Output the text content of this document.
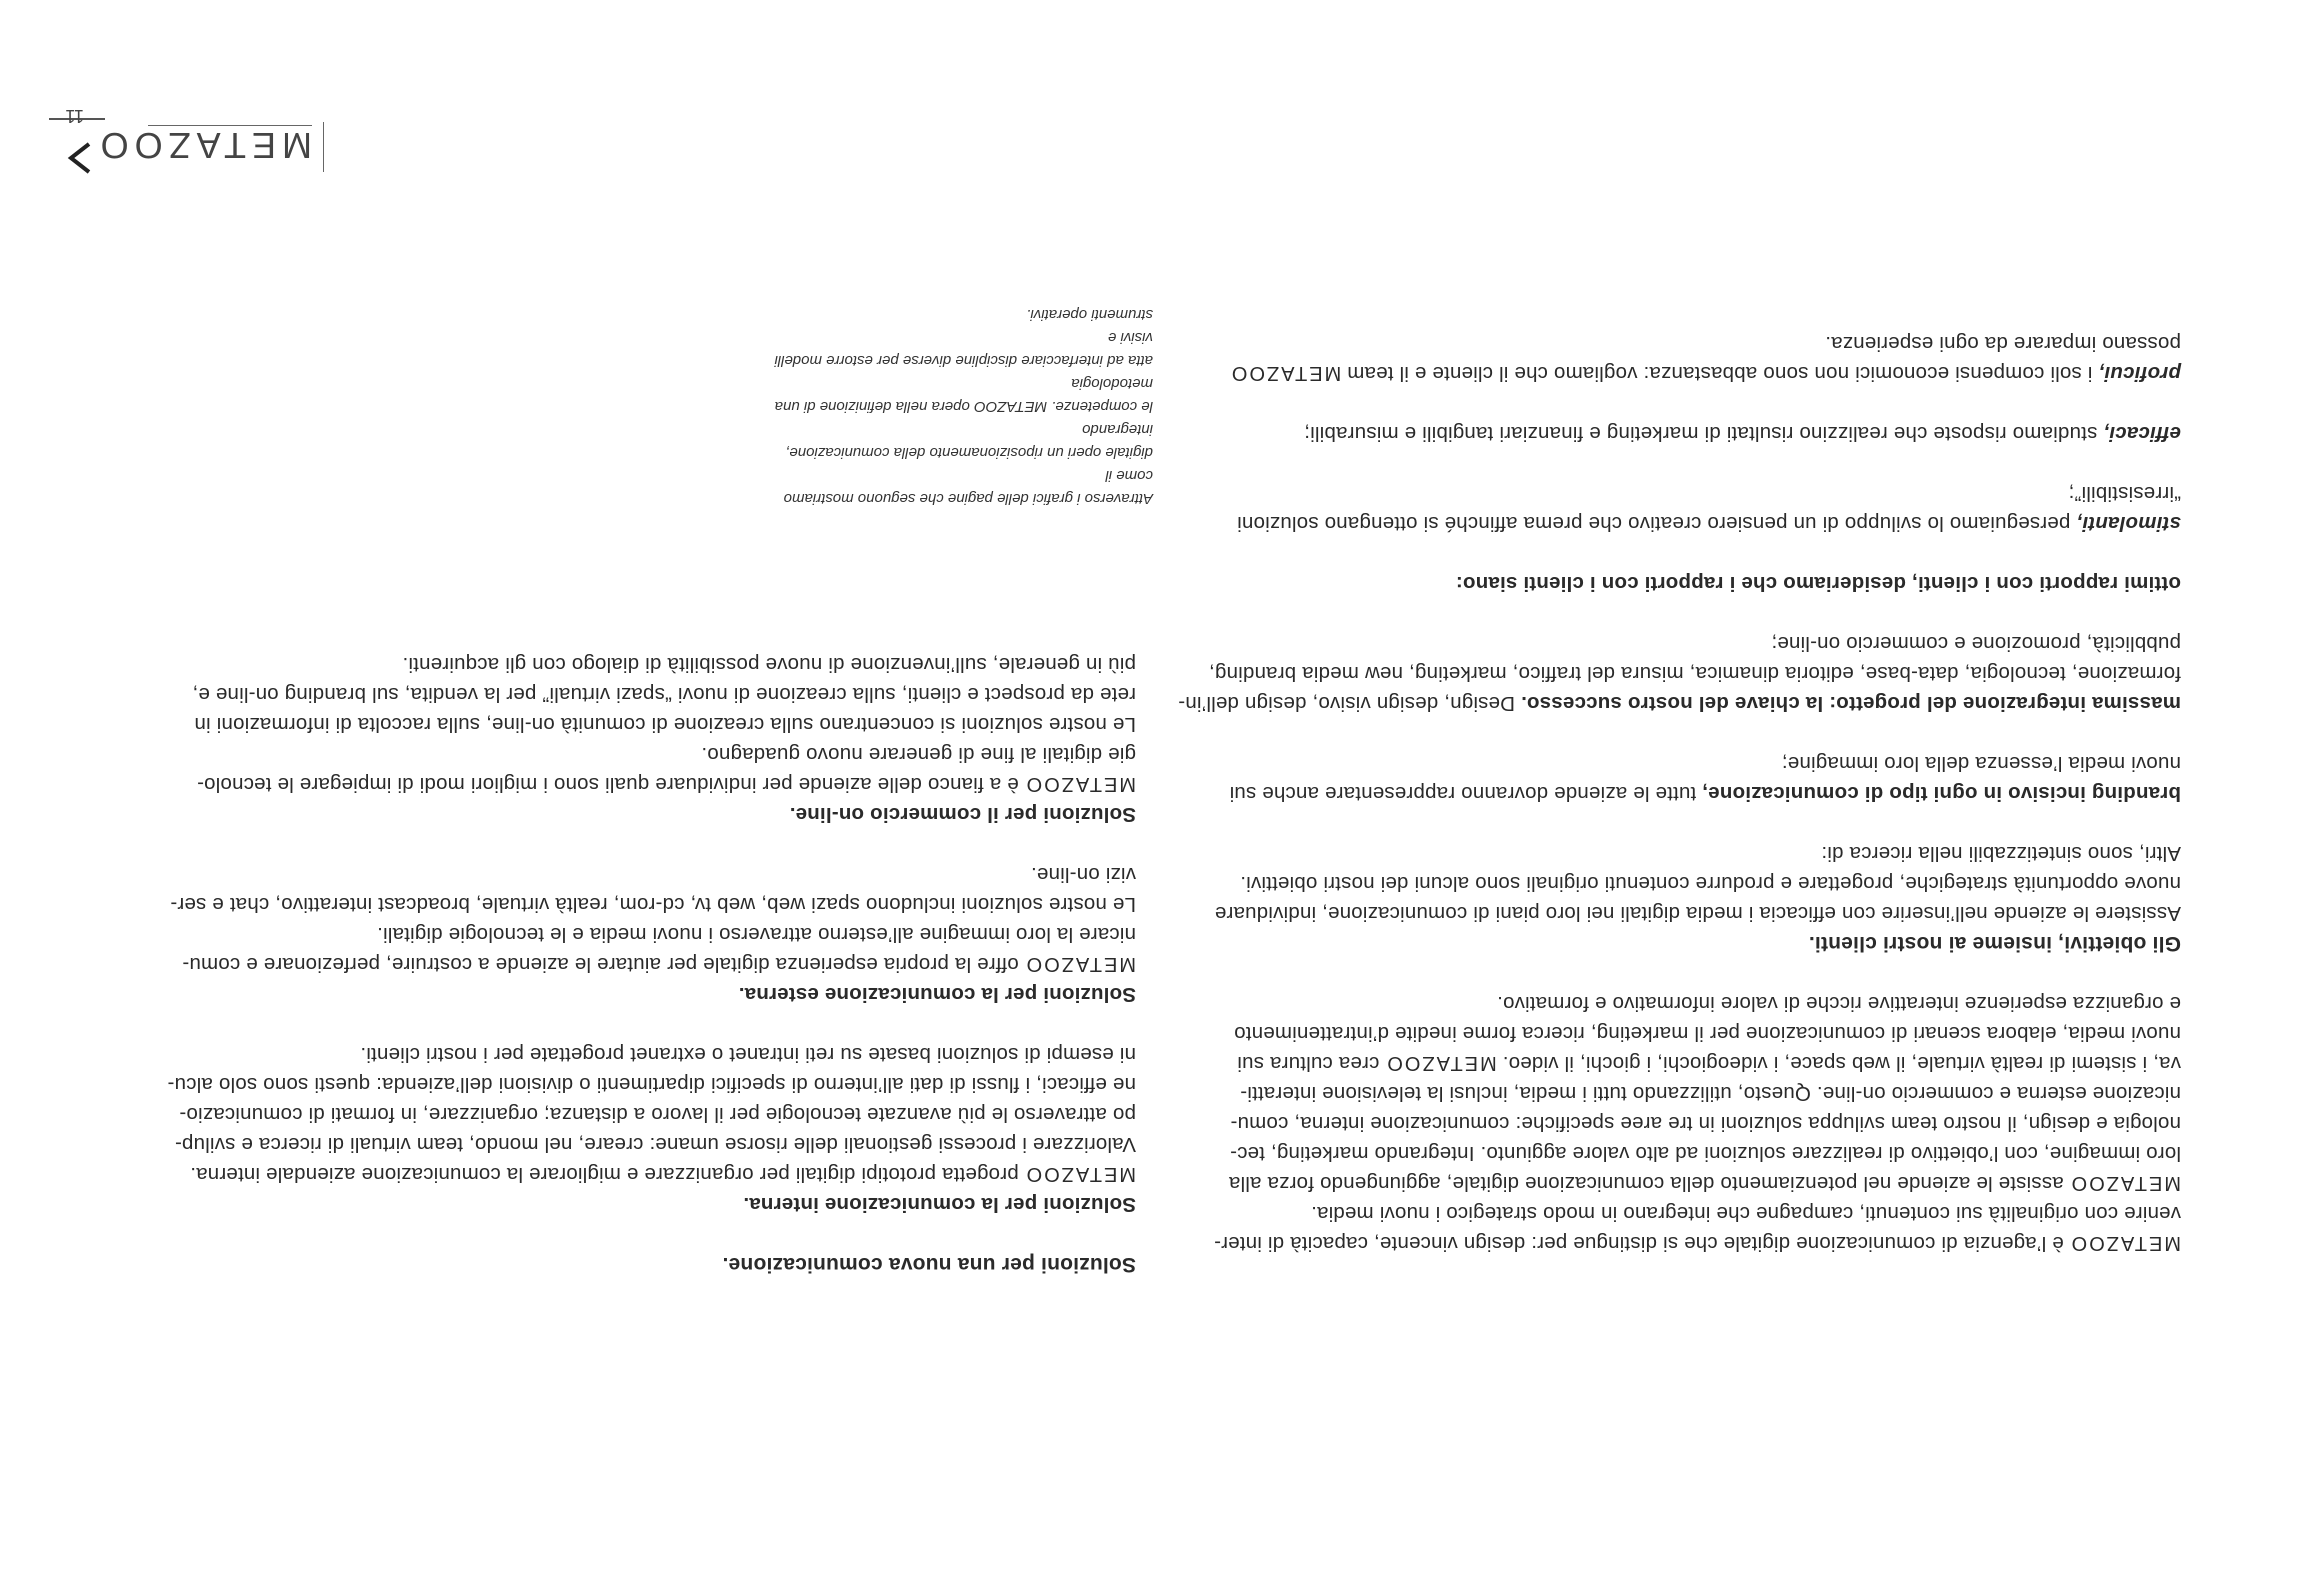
METAZOO è l’agenzia di comunicazione digitale che si distingue per: design vincente, capacità di inter-
venire con originalità sui contenuti, campagne che integrano in modo strategico i nuovi media.
METAZOO assiste le aziende nel potenziamento della comunicazione digitale, aggiungendo forza alla
loro immagine, con l’obiettivo di realizzare soluzioni ad alto valore aggiunto. Integrando marketing, tec-
nologia e design, il nostro team sviluppa soluzioni in tre aree specifiche: comunicazione interna, comu-
nicazione esterna e commercio on-line. Questo, utilizzando tutti i media, inclusi la televisione interatti-
va, i sistemi di realtà virtuale, il web space, i videogiochi, i giochi, il video. METAZOO crea cultura sui
nuovi media, elabora scenari di comunicazione per il marketing, ricerca forme inedite d’intrattenimento
e organizza esperienze interattive ricche di valore informativo e formativo.

Gli obiettivi, insieme ai nostri clienti.

Assistere le aziende nell’inserire con efficacia i media digitali nei loro piani di comunicazione, individuare
nuove opportunità strategiche, progettare e produrre contenuti originali sono alcuni dei nostri obiettivi.
Altri, sono sintetizzabili nella ricerca di:

branding incisivo in ogni tipo di comunicazione, tutte le aziende dovranno rappresentare anche sui
nuovi media l’essenza della loro immagine;

massima integrazione del progetto: la chiave del nostro successo. Design, design visivo, design dell’in-
formazione, tecnologia, data-base, editoria dinamica, misura del traffico, marketing, new media branding,
pubblicità, promozione e commercio on-line;

ottimi rapporti con i clienti, desideriamo che i rapporti con i clienti siano:

stimolanti, perseguiamo lo sviluppo di un pensiero creativo che prema affinché si ottengano soluzioni
“irresistibili”;

efficaci, studiamo risposte che realizzino risultati di marketing e finanziari tangibili e misurabili;

proficui, i soli compensi economici non sono abbastanza: vogliamo che il cliente e il team METAZOO
possano imparare da ogni esperienza.

Soluzioni per una nuova comunicazione.
Soluzioni per la comunicazione interna.

METAZOO progetta prototipi digitali per organizzare e migliorare la comunicazione aziendale interna.
Valorizzare i processi gestionali delle risorse umane: creare, nel mondo, team virtuali di ricerca e svilup-
po attraverso le più avanzate tecnologie per il lavoro a distanza; organizzare, in formati di comunicazio-
ne efficaci, i flussi di dati all’interno di specifici dipartimenti o divisioni dell’azienda: questi sono solo alcu-
ni esempi di soluzioni basate su reti intranet o extranet progettate per i nostri clienti.

Soluzioni per la comunicazione esterna.

METAZOO offre la propria esperienza digitale per aiutare le aziende a costruire, perfezionare e comu-
nicare la loro immagine all’esterno attraverso i nuovi media e le tecnologie digitali.
Le nostre soluzioni includono spazi web, web tv, cd-rom, realtà virtuale, broadcast interattivo, chat e ser-
vizi on-line.

Soluzioni per il commercio on-line.

METAZOO è a fianco delle aziende per individuare quali sono i migliori modi di impiegare le tecnolo-
gie digitali al fine di generare nuovo guadagno.
Le nostre soluzioni si concentrano sulla creazione di comunità on-line, sulla raccolta di informazioni in
rete da prospect e clienti, sulla creazione di nuovi “spazi virtuali” per la vendita, sul branding on-line e,
più in generale, sull’invenzione di nuove possibilità di dialogo con gli acquirenti.

Attraverso i grafici delle pagine che seguono mostriamo come il
digitale operi un riposizionamento della comunicazione, integrando
le competenze. METAZOO opera nella definizione di una metodologia
atta ad interfacciare discipline diverse per estorre modelli visivi e
strumenti operativi.
METAZOO
11
